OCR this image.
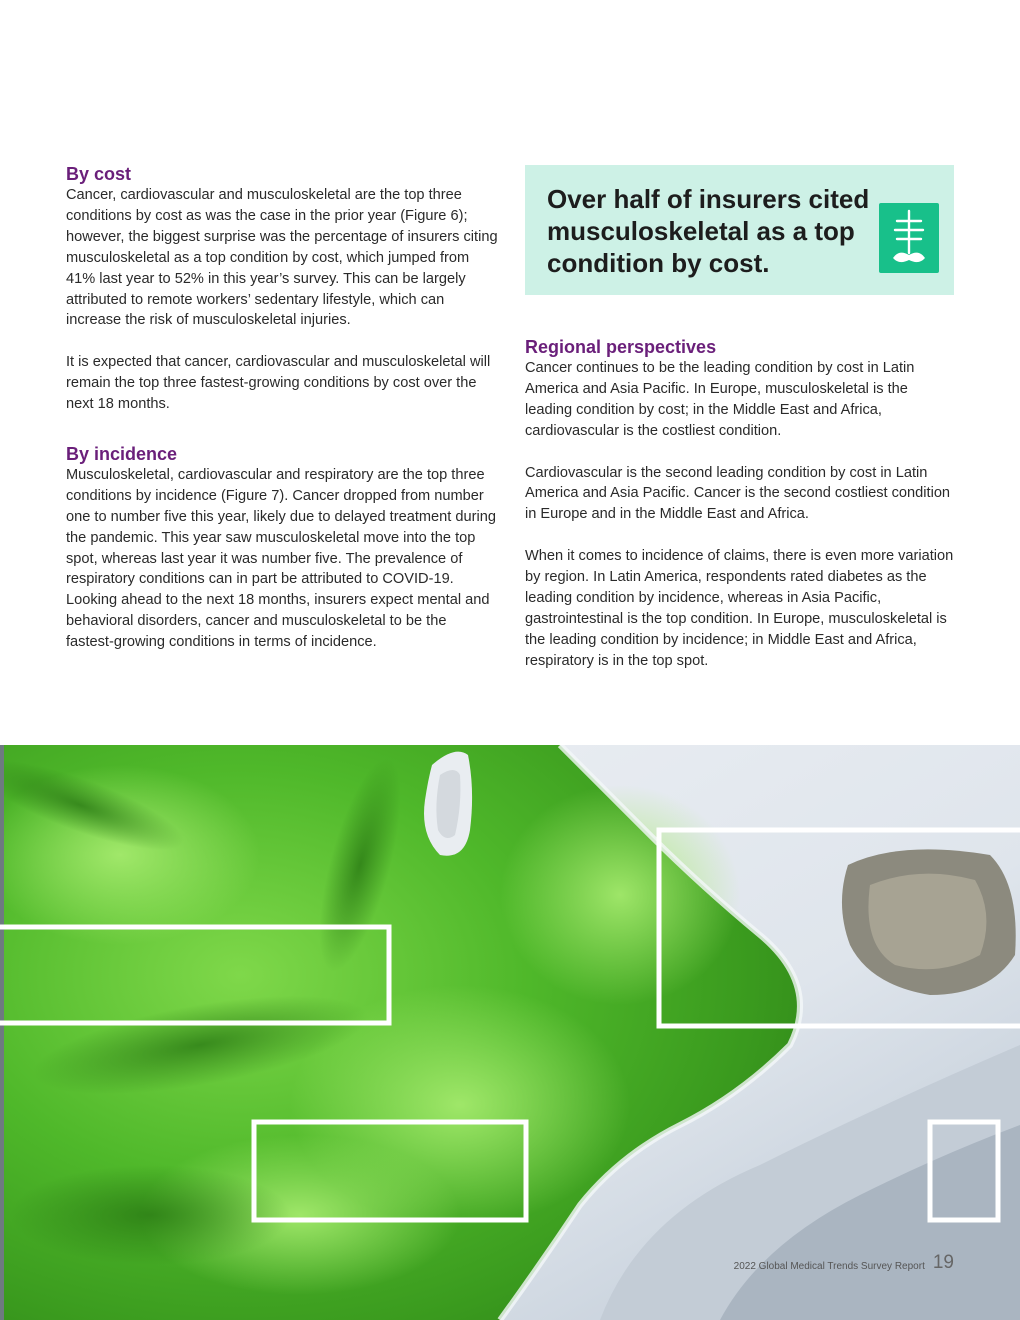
By cost

Cancer, cardiovascular and musculoskeletal are the top three conditions by cost as was the case in the prior year (Figure 6); however, the biggest surprise was the percentage of insurers citing musculoskeletal as a top condition by cost, which jumped from 41% last year to 52% in this year’s survey. This can be largely attributed to remote workers’ sedentary lifestyle, which can increase the risk of musculoskeletal injuries.

It is expected that cancer, cardiovascular and musculoskeletal will remain the top three fastest-growing conditions by cost over the next 18 months.

By incidence

Musculoskeletal, cardiovascular and respiratory are the top three conditions by incidence (Figure 7). Cancer dropped from number one to number five this year, likely due to delayed treatment during the pandemic. This year saw musculoskeletal move into the top spot, whereas last year it was number five. The prevalence of respiratory conditions can in part be attributed to COVID-19. Looking ahead to the next 18 months, insurers expect mental and behavioral disorders, cancer and musculoskeletal to be the fastest-growing conditions in terms of incidence.

Over half of insurers cited musculoskeletal as a top condition by cost.
Regional perspectives

Cancer continues to be the leading condition by cost in Latin America and Asia Pacific. In Europe, musculoskeletal is the leading condition by cost; in the Middle East and Africa, cardiovascular is the costliest condition.

Cardiovascular is the second leading condition by cost in Latin America and Asia Pacific. Cancer is the second costliest condition in Europe and in the Middle East and Africa.

When it comes to incidence of claims, there is even more variation by region. In Latin America, respondents rated diabetes as the leading condition by incidence, whereas in Asia Pacific, gastrointestinal is the top condition. In Europe, musculoskeletal is the leading condition by incidence; in Middle East and Africa, respiratory is in the top spot.

2022 Global Medical Trends Survey Report 19
